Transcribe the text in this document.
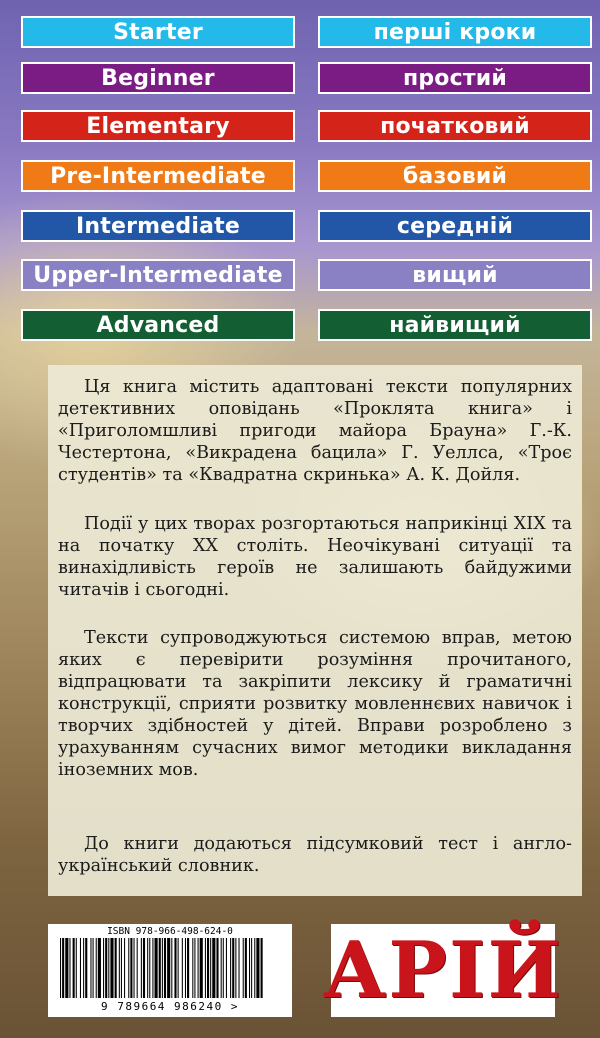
Starter	перші кроки
Beginner	простий
Elementary	початковий
Pre-Intermediate	базовий
Intermediate	середній
Upper-Intermediate	вищий
Advanced	найвищий

Ця книга містить адаптовані тексти популярних детективних оповідань «Проклята книга» і «Приголомшливі пригоди майора Брауна» Г.-К. Честертона, «Викрадена бацила» Г. Уеллса, «Троє студентів» та «Квадратна скринька» А. К. Дойля.

Події у цих творах розгортаються наприкінці XIX та на початку XX століть. Неочікувані ситуації та винахідливість героїв не залишають байдужими читачів і сьогодні.

Тексти супроводжуються системою вправ, метою яких є перевірити розуміння прочитаного, відпрацювати та закріпити лексику й граматичні конструкції, сприяти розвитку мовленнєвих навичок і творчих здібностей у дітей. Вправи розроблено з урахуванням сучасних вимог методики викладання іноземних мов.

До книги додаються підсумковий тест і англо-український словник.

ISBN 978-966-498-624-0
9 789664 986240 >	АРІЙ
